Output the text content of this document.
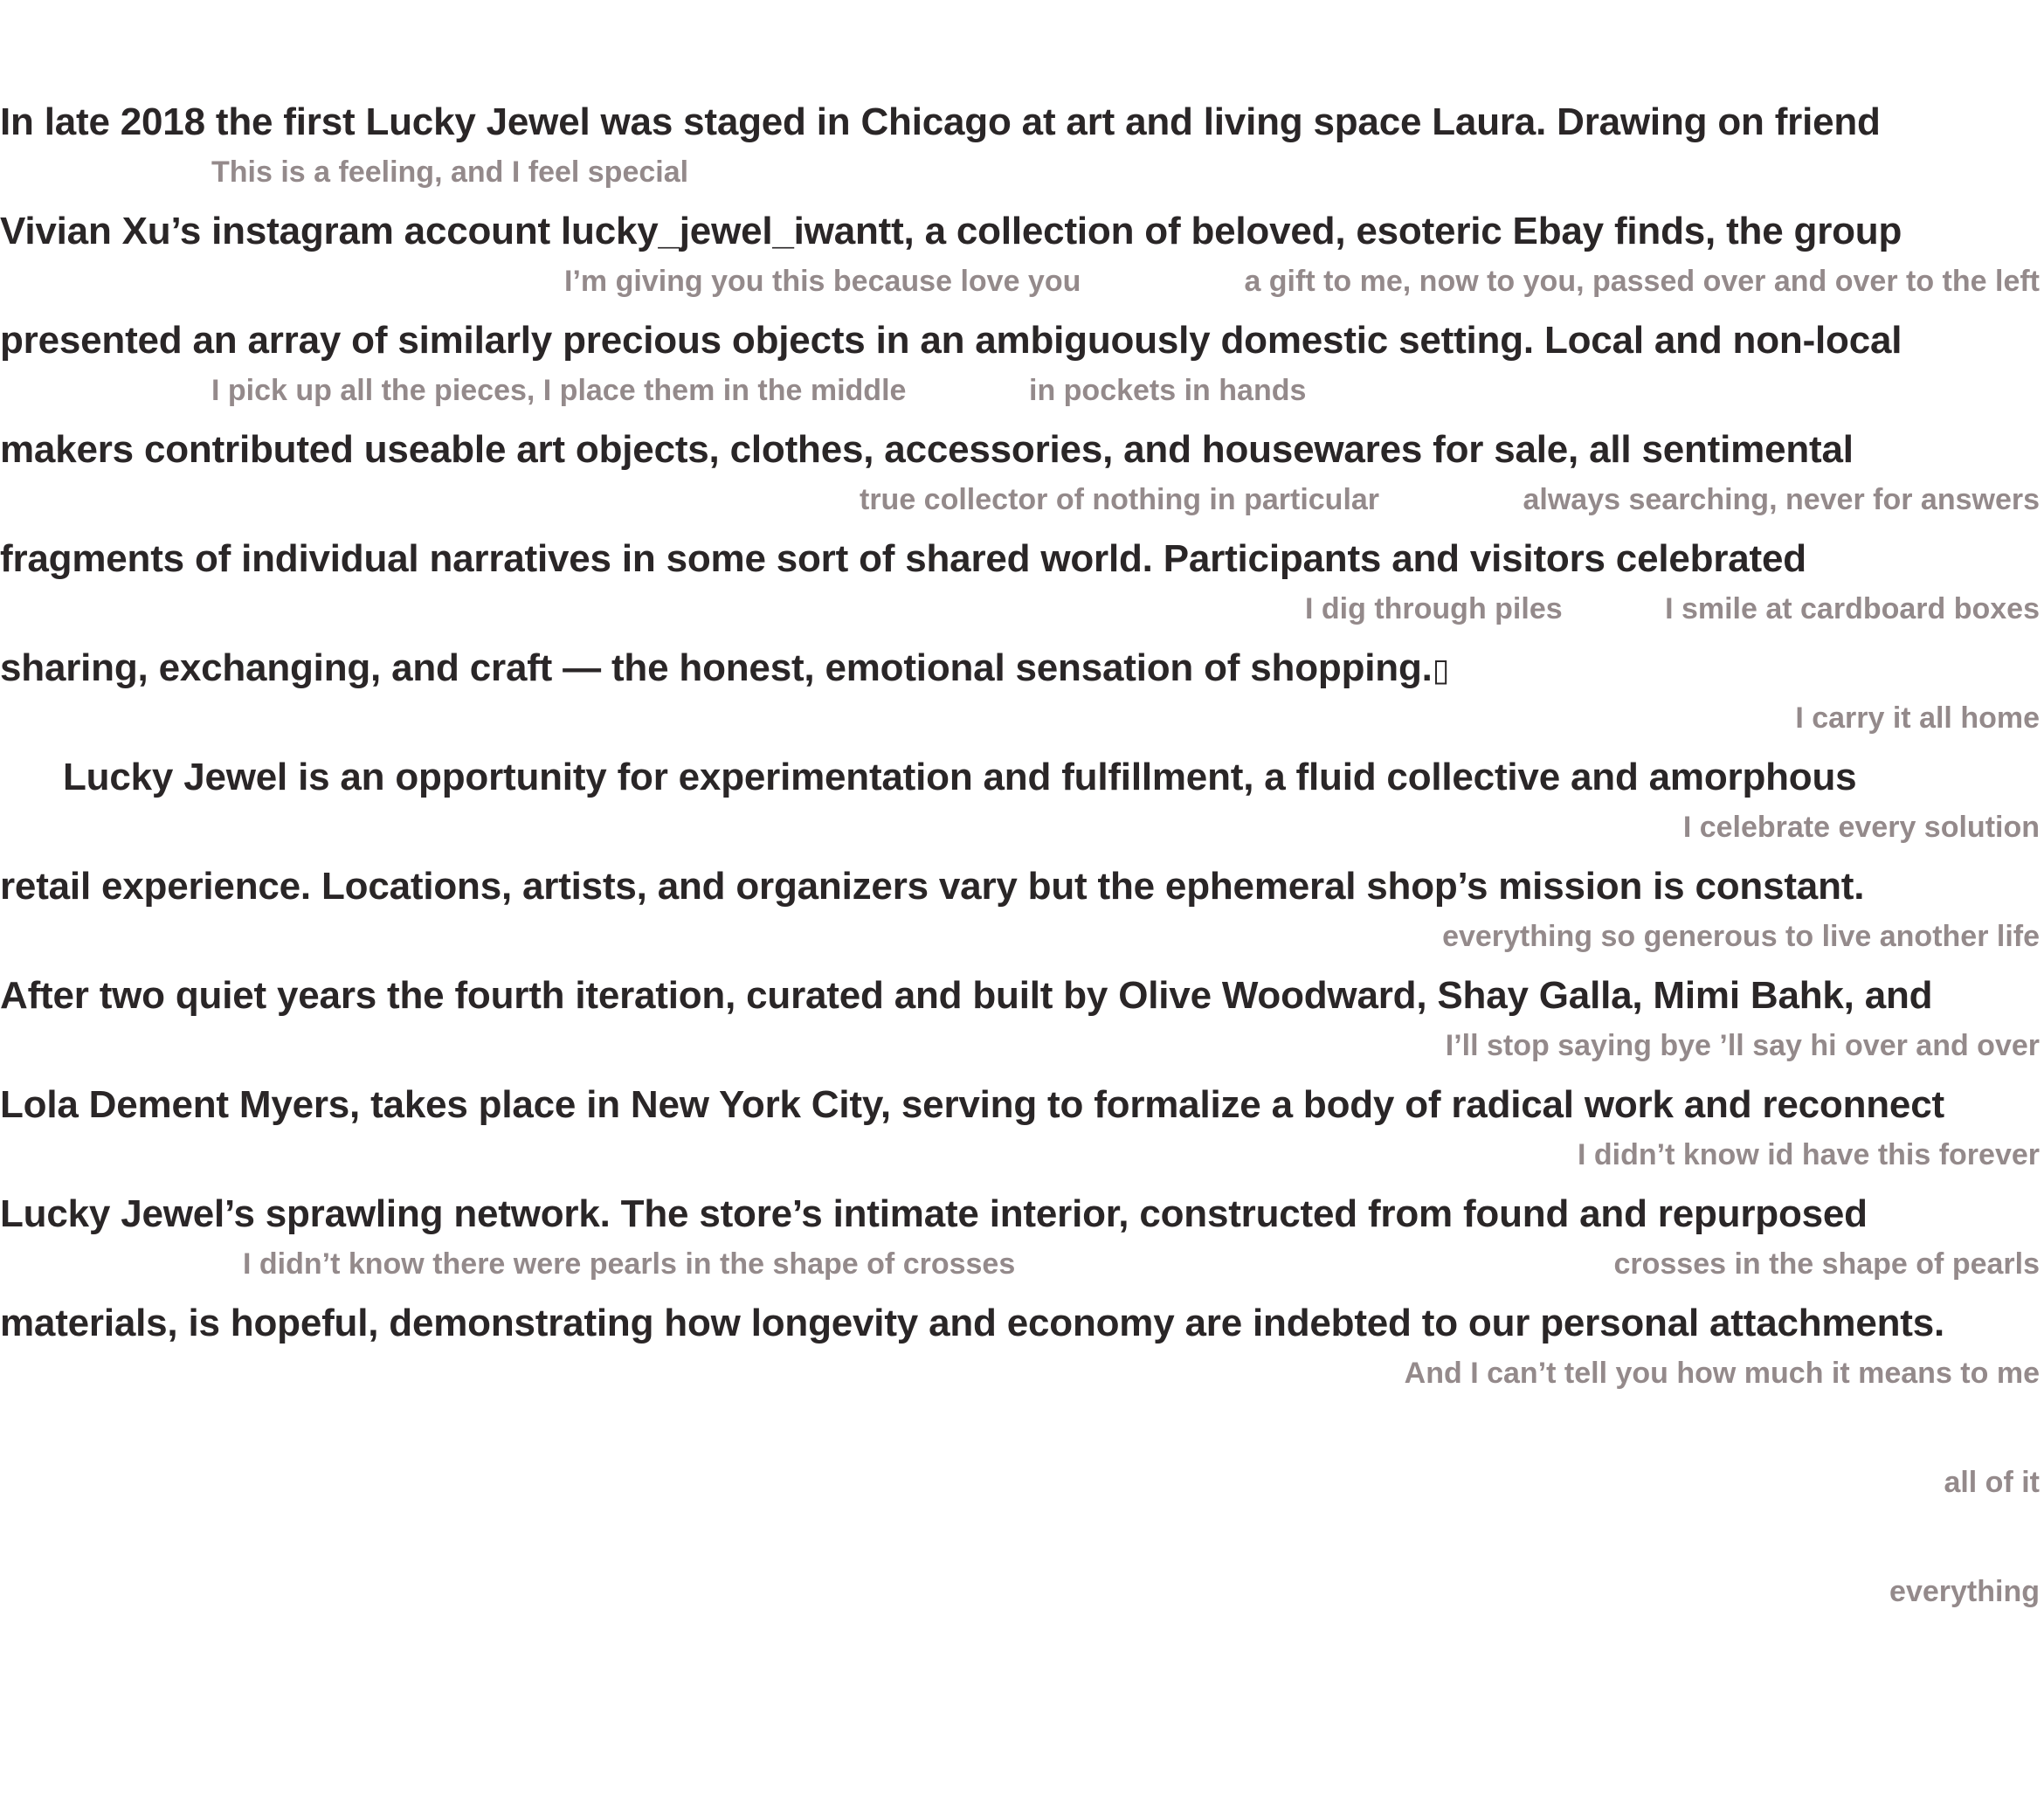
In late 2018 the first Lucky Jewel was staged in Chicago at art and living space Laura. Drawing on friend

Vivian Xu’s instagram account lucky_jewel_iwantt, a collection of beloved, esoteric Ebay finds, the group

presented an array of similarly precious objects in an ambiguously domestic setting. Local and non-local

makers contributed useable art objects, clothes, accessories, and housewares for sale, all sentimental

fragments of individual narratives in some sort of shared world. Participants and visitors celebrated

sharing, exchanging, and craft — the honest, emotional sensation of shopping.▯

Lucky Jewel is an opportunity for experimentation and fulfillment, a fluid collective and amorphous

retail experience. Locations, artists, and organizers vary but the ephemeral shop’s mission is constant.

After two quiet years the fourth iteration, curated and built by Olive Woodward, Shay Galla, Mimi Bahk, and

Lola Dement Myers, takes place in New York City, serving to formalize a body of radical work and reconnect

Lucky Jewel’s sprawling network. The store’s intimate interior, constructed from found and repurposed

materials, is hopeful, demonstrating how longevity and economy are indebted to our personal attachments.

This is a feeling, and I feel special

I’m giving you this because love you	a gift to me, now to you, passed over and over to the left

I pick up all the pieces, I place them in the middle	in pockets in hands

true collector of nothing in particular	always searching, never for answers

I dig through piles	I smile at cardboard boxes

I carry it all home

I celebrate every solution

everything so generous to live another life

I’ll stop saying bye ’ll say hi over and over

I didn’t know id have this forever

I didn’t know there were pearls in the shape of crosses	crosses in the shape of pearls

And I can’t tell you how much it means to me

all of it

everything
